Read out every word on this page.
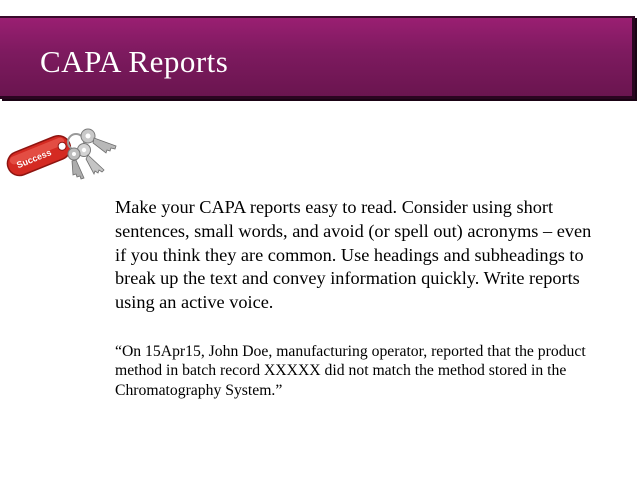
CAPA Reports
Success
Make your CAPA reports easy to read. Consider using short sentences, small words, and avoid (or spell out) acronyms – even if you think they are common. Use headings and subheadings to break up the text and convey information quickly. Write reports using an active voice.
“On 15Apr15, John Doe, manufacturing operator, reported that the product method in batch record XXXXX did not match the method stored in the Chromatography System.”
